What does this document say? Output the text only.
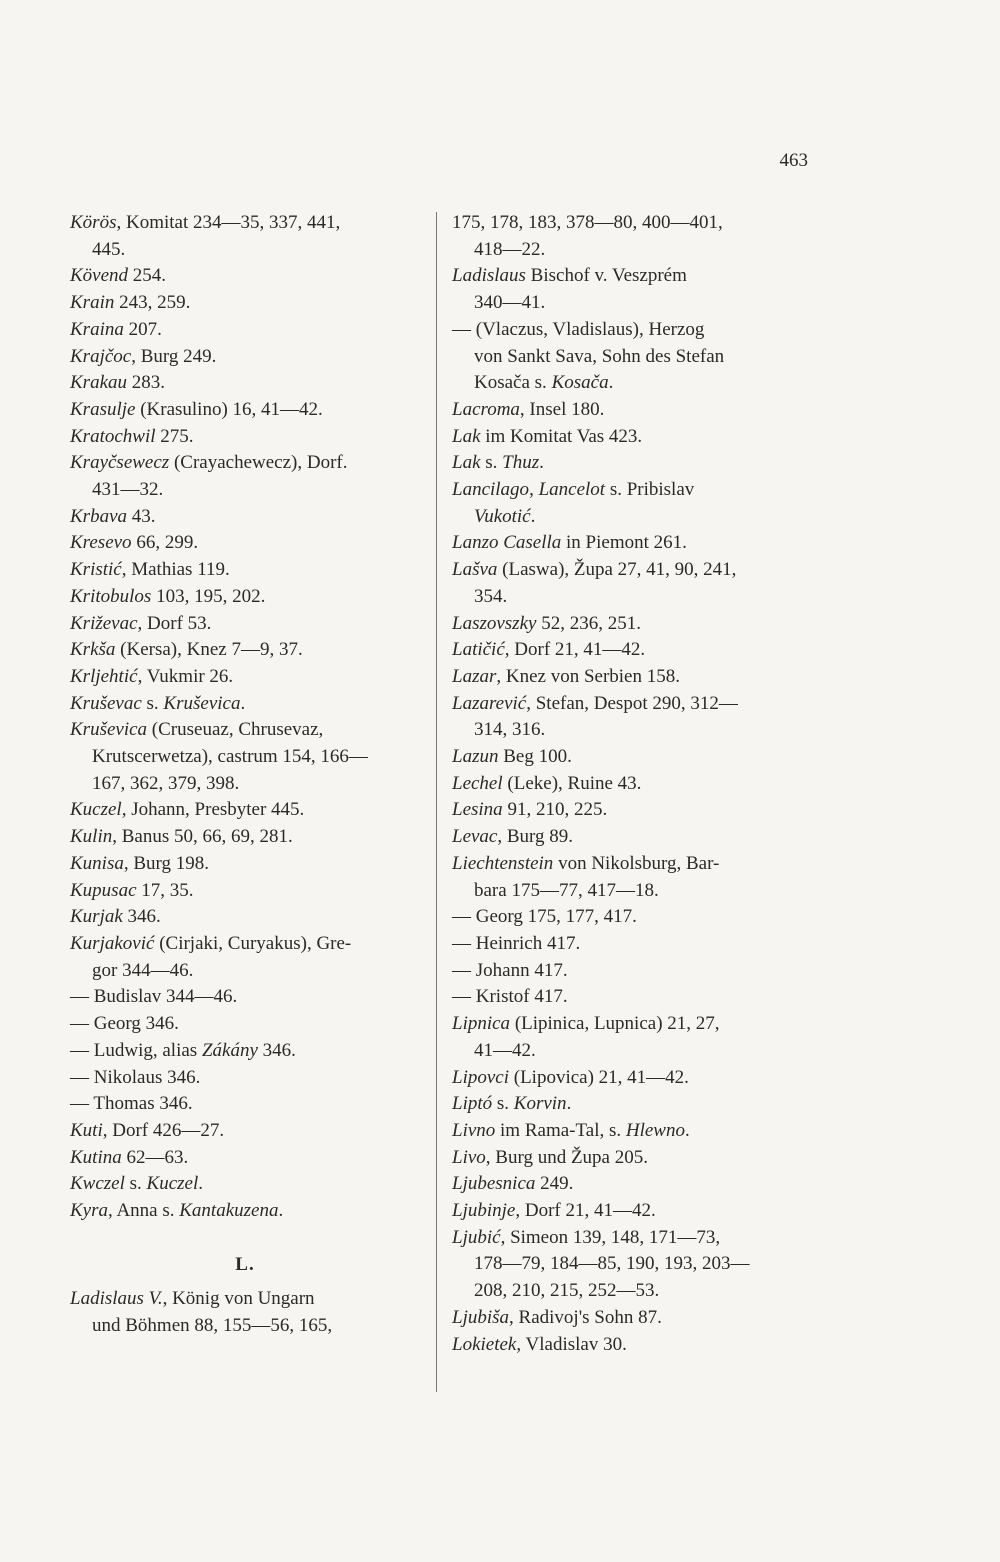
463
Körös, Komitat 234—35, 337, 441,
445.
Kövend 254.
Krain 243, 259.
Kraina 207.
Krajčoc, Burg 249.
Krakau 283.
Krasulje (Krasulino) 16, 41—42.
Kratochwil 275.
Krayčsewecz (Crayachewecz), Dorf.
431—32.
Krbava 43.
Kresevo 66, 299.
Kristić, Mathias 119.
Kritobulos 103, 195, 202.
Križevac, Dorf 53.
Krkša (Kersa), Knez 7—9, 37.
Krljehtić, Vukmir 26.
Kruševac s. Kruševica.
Kruševica (Cruseuaz, Chrusevaz,
Krutscerwetza), castrum 154, 166—
167, 362, 379, 398.
Kuczel, Johann, Presbyter 445.
Kulin, Banus 50, 66, 69, 281.
Kunisa, Burg 198.
Kupusac 17, 35.
Kurjak 346.
Kurjaković (Cirjaki, Curyakus), Gre-
gor 344—46.
— Budislav 344—46.
— Georg 346.
— Ludwig, alias Zákány 346.
— Nikolaus 346.
— Thomas 346.
Kuti, Dorf 426—27.
Kutina 62—63.
Kwczel s. Kuczel.
Kyra, Anna s. Kantakuzena.
L.
Ladislaus V., König von Ungarn
und Böhmen 88, 155—56, 165,
175, 178, 183, 378—80, 400—401,
418—22.
Ladislaus Bischof v. Veszprém
340—41.
— (Vlaczus, Vladislaus), Herzog
von Sankt Sava, Sohn des Stefan
Kosača s. Kosača.
Lacroma, Insel 180.
Lak im Komitat Vas 423.
Lak s. Thuz.
Lancilago, Lancelot s. Pribislav
Vukotić.
Lanzo Casella in Piemont 261.
Lašva (Laswa), Župa 27, 41, 90, 241,
354.
Laszovszky 52, 236, 251.
Latičić, Dorf 21, 41—42.
Lazar, Knez von Serbien 158.
Lazarević, Stefan, Despot 290, 312—
314, 316.
Lazun Beg 100.
Lechel (Leke), Ruine 43.
Lesina 91, 210, 225.
Levac, Burg 89.
Liechtenstein von Nikolsburg, Bar-
bara 175—77, 417—18.
— Georg 175, 177, 417.
— Heinrich 417.
— Johann 417.
— Kristof 417.
Lipnica (Lipinica, Lupnica) 21, 27,
41—42.
Lipovci (Lipovica) 21, 41—42.
Liptó s. Korvin.
Livno im Rama-Tal, s. Hlewno.
Livo, Burg und Župa 205.
Ljubesnica 249.
Ljubinje, Dorf 21, 41—42.
Ljubić, Simeon 139, 148, 171—73,
178—79, 184—85, 190, 193, 203—
208, 210, 215, 252—53.
Ljubiša, Radivoj's Sohn 87.
Lokietek, Vladislav 30.
